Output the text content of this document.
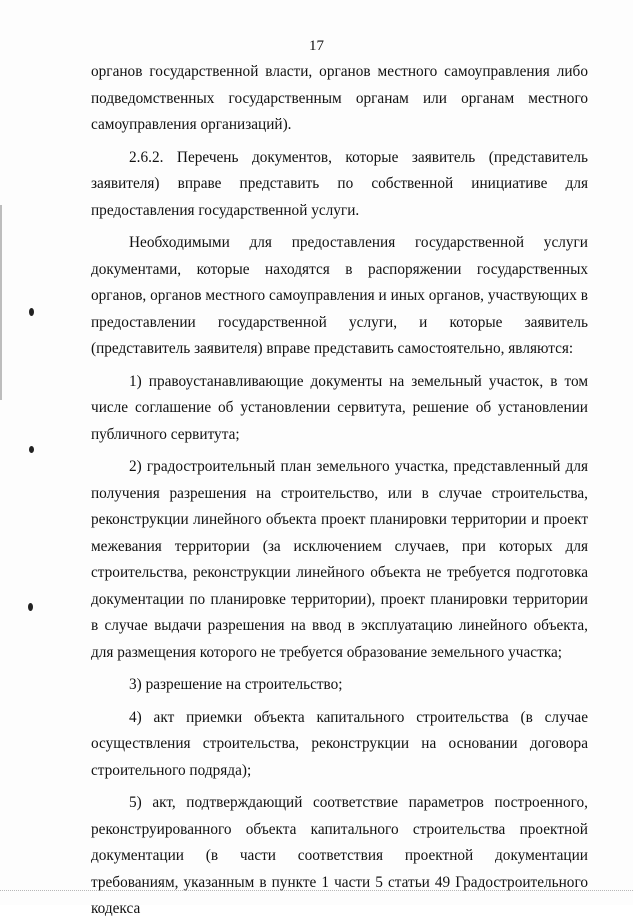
17

органов государственной власти, органов местного самоуправления либо подведомственных государственным органам или органам местного самоуправления организаций).

2.6.2. Перечень документов, которые заявитель (представитель заявителя) вправе представить по собственной инициативе для предоставления государственной услуги.

Необходимыми для предоставления государственной услуги документами, которые находятся в распоряжении государственных органов, органов местного самоуправления и иных органов, участвующих в предоставлении государственной услуги, и которые заявитель (представитель заявителя) вправе представить самостоятельно, являются:

1) правоустанавливающие документы на земельный участок, в том числе соглашение об установлении сервитута, решение об установлении публичного сервитута;

2) градостроительный план земельного участка, представленный для получения разрешения на строительство, или в случае строительства, реконструкции линейного объекта проект планировки территории и проект межевания территории (за исключением случаев, при которых для строительства, реконструкции линейного объекта не требуется подготовка документации по планировке территории), проект планировки территории в случае выдачи разрешения на ввод в эксплуатацию линейного объекта, для размещения которого не требуется образование земельного участка;

3) разрешение на строительство;

4) акт приемки объекта капитального строительства (в случае осуществления строительства, реконструкции на основании договора строительного подряда);

5) акт, подтверждающий соответствие параметров построенного, реконструированного объекта капитального строительства проектной документации (в части соответствия проектной документации требованиям, указанным в пункте 1 части 5 статьи 49 Градостроительного кодекса
